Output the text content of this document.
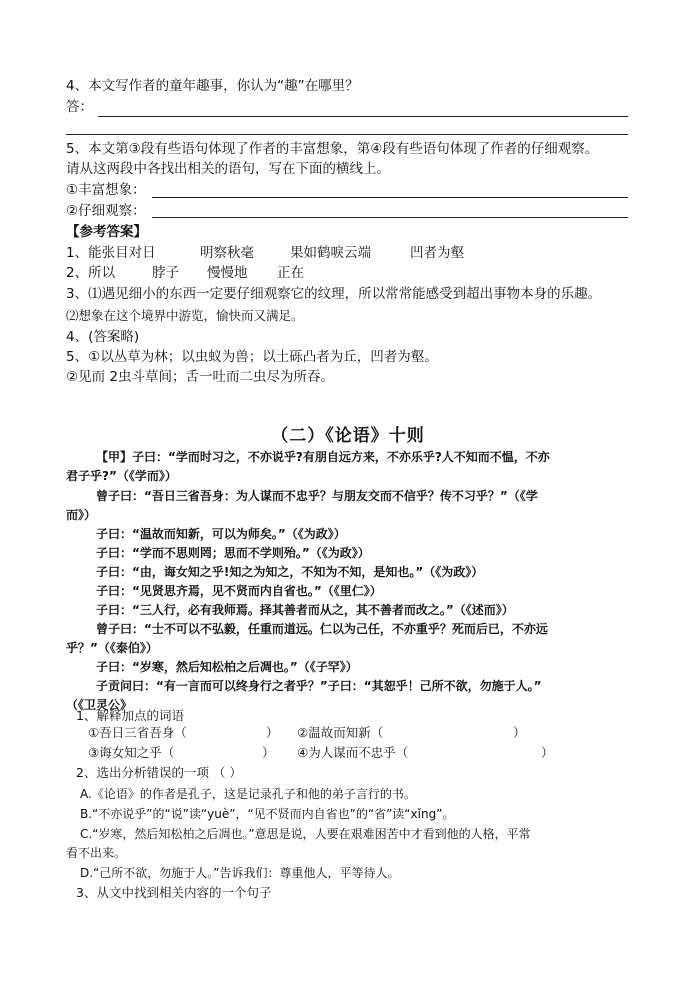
4、本文写作者的童年趣事，你认为“趣”在哪里？
答：
5、本文第③段有些语句体现了作者的丰富想象，第④段有些语句体现了作者的仔细观察。
请从这两段中各找出相关的语句，写在下面的横线上。
①丰富想象：
②仔细观察：
【参考答案】
1、能张目对日	明察秋毫	果如鹤唳云端	凹者为壑
2、所以	脖子 慢慢地 正在
3、⑴遇见细小的东西一定要仔细观察它的纹理，所以常常能感受到超出事物本身的乐趣。
⑵想象在这个境界中游览，愉快而又满足。
4、(答案略)
5、①以丛草为林；以虫蚁为兽；以土砾凸者为丘，凹者为壑。
②见而 2虫斗草间；舌一吐而二虫尽为所吞。
（二）《论语》十则
【甲】子曰：“学而时习之，不亦说乎?有朋自远方来，不亦乐乎?人不知而不愠，不亦
君子乎?”（《学而》）
曾子曰：“吾日三省吾身：为人谋而不忠乎？与朋友交而不信乎？传不习乎？”（《学
而》）
子曰：“温故而知新，可以为师矣。”（《为政》）
子曰：“学而不思则罔；思而不学则殆。”（《为政》）
子曰：“由，诲女知之乎!知之为知之，不知为不知，是知也。”（《为政》）
子曰：“见贤思齐焉，见不贤而内自省也。”（《里仁》）
子曰：“三人行，必有我师焉。择其善者而从之，其不善者而改之。”（《述而》）
曾子曰：“士不可以不弘毅，任重而道远。仁以为己任，不亦重乎？死而后已，不亦远
乎？”（《泰伯》）
子曰：“岁寒，然后知松柏之后凋也。”（《子罕》）
子贡问曰：“有一言而可以终身行之者乎？”子曰：“其恕乎！己所不欲，勿施于人。”
（《卫灵公》
1、解释加点的词语
①吾日三省吾身（	） ②温故而知新（	）
③诲女知之乎（	） ④为人谋而不忠乎（	）
2、选出分析错误的一项 （ ）
A.《论语》的作者是孔子，这是记录孔子和他的弟子言行的书。
B.“不亦说乎”的“说”读“yuè”，“见不贤而内自省也”的“省”读“xǐng”。
C.“岁寒，然后知松柏之后凋也。”意思是说，人要在艰难困苦中才看到他的人格，平常
看不出来。
D.“己所不欲，勿施于人。”告诉我们：尊重他人，平等待人。
3、从文中找到相关内容的一个句子
